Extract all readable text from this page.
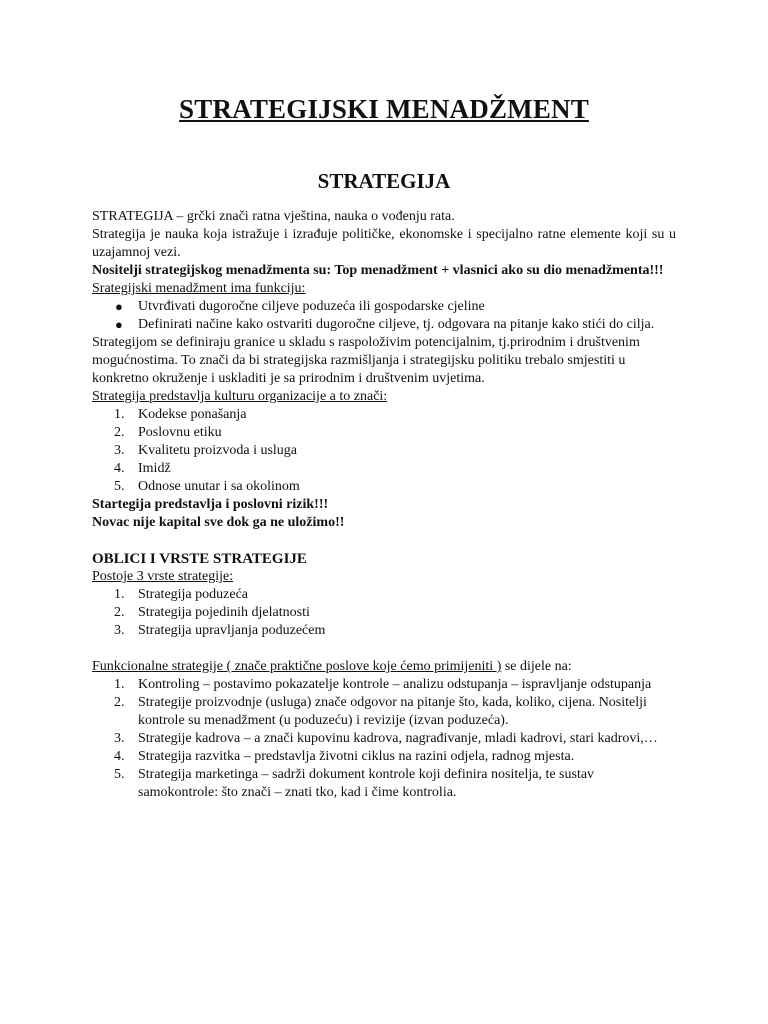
STRATEGIJSKI MENADŽMENT
STRATEGIJA

STRATEGIJA – grčki znači ratna vještina, nauka o vođenju rata.

Strategija je nauka koja istražuje i izrađuje političke, ekonomske i specijalno ratne elemente koji su u uzajamnoj vezi.

Nositelji strategijskog menadžmenta su: Top menadžment + vlasnici ako su dio menadžmenta!!!

Srategijski menadžment ima funkciju:

● Utvrđivati dugoročne ciljeve poduzeća ili gospodarske cjeline
● Definirati načine kako ostvariti dugoročne ciljeve, tj. odgovara na pitanje kako stići do cilja.

Strategijom se definiraju granice u skladu s raspoloživim potencijalnim, tj.prirodnim i društvenim mogućnostima. To znači da bi strategijska razmišljanja i strategijsku politiku trebalo smjestiti u konkretno okruženje i uskladiti je sa prirodnim i društvenim uvjetima.

Strategija predstavlja kulturu organizacije a to znači:

1. Kodekse ponašanja
2. Poslovnu etiku
3. Kvalitetu proizvoda i usluga
4. Imidž
5. Odnose unutar i sa okolinom

Startegija predstavlja i poslovni rizik!!!

Novac nije kapital sve dok ga ne uložimo!!

OBLICI I VRSTE STRATEGIJE

Postoje 3 vrste strategije:

1. Strategija poduzeća
2. Strategija pojedinih djelatnosti
3. Strategija upravljanja poduzećem

Funkcionalne strategije ( znače praktične poslove koje ćemo primijeniti ) se dijele na:

1. Kontroling – postavimo pokazatelje kontrole – analizu odstupanja – ispravljanje odstupanja
2. Strategije proizvodnje (usluga) znače odgovor na pitanje što, kada, koliko, cijena. Nositelji kontrole su menadžment (u poduzeću) i revizije (izvan poduzeća).
3. Strategije kadrova – a znači kupovinu kadrova, nagrađivanje, mladi kadrovi, stari kadrovi,…
4. Strategija razvitka – predstavlja životni ciklus na razini odjela, radnog mjesta.
5. Strategija marketinga – sadrži dokument kontrole koji definira nositelja, te sustav samokontrole: što znači – znati tko, kad i čime kontrolia.
